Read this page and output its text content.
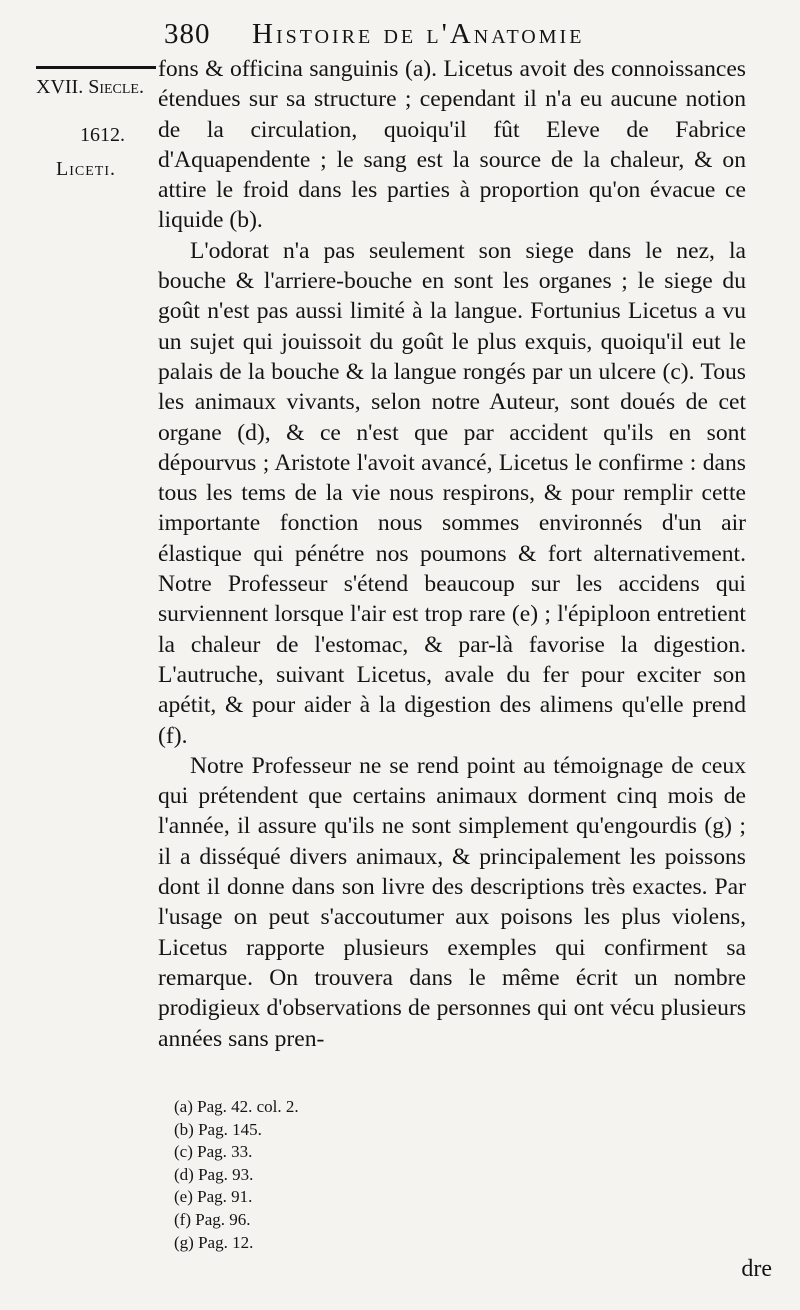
380 Histoire de l'Anatomie
XVII. Siecle.
1612.
Liceti.

fons & officina sanguinis (a). Licetus avoit des connoissances étendues sur sa structure ; cependant il n'a eu aucune notion de la circulation, quoiqu'il fût Eleve de Fabrice d'Aquapendente ; le sang est la source de la chaleur, & on attire le froid dans les parties à proportion qu'on évacue ce liquide (b).

L'odorat n'a pas seulement son siege dans le nez, la bouche & l'arriere-bouche en sont les organes ; le siege du goût n'est pas aussi limité à la langue. Fortunius Licetus a vu un sujet qui jouissoit du goût le plus exquis, quoiqu'il eut le palais de la bouche & la langue rongés par un ulcere (c). Tous les animaux vivants, selon notre Auteur, sont doués de cet organe (d), & ce n'est que par accident qu'ils en sont dépourvus ; Aristote l'avoit avancé, Licetus le confirme : dans tous les tems de la vie nous respirons, & pour remplir cette importante fonction nous sommes environnés d'un air élastique qui pénétre nos poumons & fort alternativement. Notre Professeur s'étend beaucoup sur les accidens qui surviennent lorsque l'air est trop rare (e) ; l'épiploon entretient la chaleur de l'estomac, & par-là favorise la digestion. L'autruche, suivant Licetus, avale du fer pour exciter son apétit, & pour aider à la digestion des alimens qu'elle prend (f).

Notre Professeur ne se rend point au témoignage de ceux qui prétendent que certains animaux dorment cinq mois de l'année, il assure qu'ils ne sont simplement qu'engourdis (g) ; il a disséqué divers animaux, & principalement les poissons dont il donne dans son livre des descriptions très exactes. Par l'usage on peut s'accoutumer aux poisons les plus violens, Licetus rapporte plusieurs exemples qui confirment sa remarque. On trouvera dans le même écrit un nombre prodigieux d'observations de personnes qui ont vécu plusieurs années sans pren-

(a) Pag. 42. col. 2.
(b) Pag. 145.
(c) Pag. 33.
(d) Pag. 93.
(e) Pag. 91.
(f) Pag. 96.
(g) Pag. 12.
dre
